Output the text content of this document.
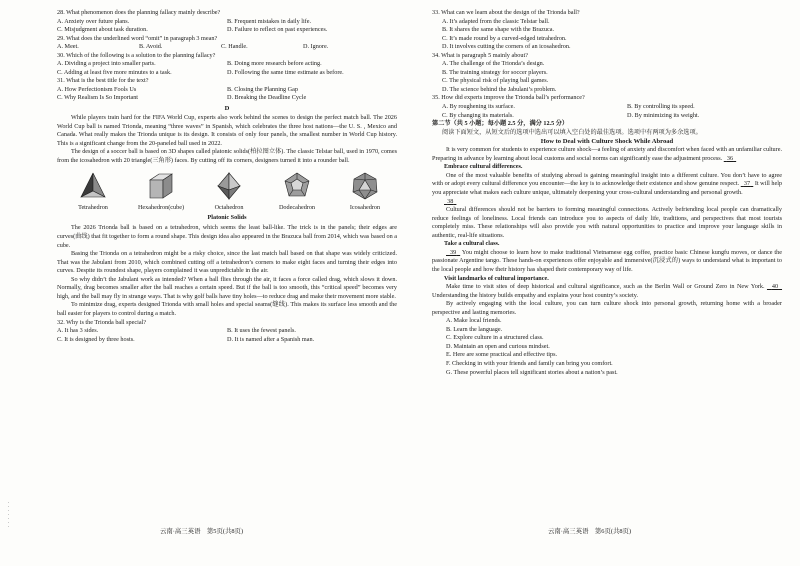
28. What phenomenon does the planning fallacy mainly describe?

A. Anxiety over future plans.	B. Frequent mistakes in daily life.
C. Misjudgment about task duration.	D. Failure to reflect on past experiences.

29. What does the underlined word “omit” in paragraph 3 mean?

A. Meet.	B. Avoid.	C. Handle.	D. Ignore.

30. Which of the following is a solution to the planning fallacy?

A. Dividing a project into smaller parts.	B. Doing more research before acting.
C. Adding at least five more minutes to a task.	D. Following the same time estimate as before.

31. What is the best title for the text?

A. How Perfectionism Fools Us	B. Closing the Planning Gap
C. Why Realism Is So Important	D. Breaking the Deadline Cycle
D

While players train hard for the FIFA World Cup, experts also work behind the scenes to design the perfect match ball. The 2026 World Cup ball is named Trionda, meaning “three waves” in Spanish, which celebrates the three host nations—the U. S. , Mexico and Canada. What really makes the Trionda unique is its design. It consists of only four panels, the smallest number in World Cup history. This is a significant change from the 20-paneled ball used in 2022.

The design of a soccer ball is based on 3D shapes called platonic solids(柏拉图立体). The classic Telstar ball, used in 1970, comes from the icosahedron with 20 triangle(三角形) faces. By cutting off its corners, designers turned it into a rounder ball.

Tetrahedron	Hexahedron(cube)	Octahedron	Dodecahedron	Icosahedron
Platonic Solids

The 2026 Trionda ball is based on a tetrahedron, which seems the least ball-like. The trick is in the panels; their edges are curves(曲线) that fit together to form a round shape. This design idea also appeared in the Brazuca ball from 2014, which was based on a cube.

Basing the Trionda on a tetrahedron might be a risky choice, since the last match ball based on that shape was widely criticized. That was the Jabulani from 2010, which combined cutting off a tetrahedron’s corners to make eight faces and turning their edges into curves. Despite its roundest shape, players complained it was unpredictable in the air.

So why didn’t the Jabulani work as intended? When a ball flies through the air, it faces a force called drag, which slows it down. Normally, drag becomes smaller after the ball reaches a certain speed. But if the ball is too smooth, this “critical speed” becomes very high, and the ball may fly in strange ways. That is why golf balls have tiny holes—to reduce drag and make their movement more stable.

To minimize drag, experts designed Trionda with small holes and special seams(缝线). This makes its surface less smooth and the ball easier for players to control during a match.

32. Why is the Trionda ball special?

A. It has 3 sides.	B. It uses the fewest panels.
C. It is designed by three hosts.	D. It is named after a Spanish man.

33. What can we learn about the design of the Trionda ball?

A. It’s adapted from the classic Telstar ball.

B. It shares the same shape with the Brazuca.

C. It’s made round by a curved-edged tetrahedron.

D. It involves cutting the corners of an icosahedron.

34. What is paragraph 5 mainly about?

A. The challenge of the Trionda’s design.

B. The training strategy for soccer players.

C. The physical risk of playing ball games.

D. The science behind the Jabulani’s problem.

35. How did experts improve the Trionda ball’s performance?

A. By roughening its surface.	B. By controlling its speed.
C. By changing its materials.	D. By minimizing its weight.

第二节（共 5 小题；每小题 2.5 分，满分 12.5 分）

阅读下面短文，从短文后的选项中选出可以填入空白处的最佳选项。选项中有两项为多余选项。

How to Deal with Culture Shock While Abroad

It is very common for students to experience culture shock—a feeling of anxiety and discomfort when faced with an unfamiliar culture. Preparing in advance by learning about local customs and social norms can significantly ease the adjustment process. 36

Embrace cultural differences.

One of the most valuable benefits of studying abroad is gaining meaningful insight into a different culture. You don’t have to agree with or adopt every cultural difference you encounter—the key is to acknowledge their existence and show genuine respect. 37 It will help you appreciate what makes each culture unique, ultimately deepening your cross-cultural understanding and personal growth.

38

Cultural differences should not be barriers to forming meaningful connections. Actively befriending local people can dramatically reduce feelings of loneliness. Local friends can introduce you to aspects of daily life, traditions, and perspectives that most tourists completely miss. These relationships will also provide you with natural opportunities to practice and improve your language skills in authentic, real-life situations.

Take a cultural class.

39 You might choose to learn how to make traditional Vietnamese egg coffee, practice basic Chinese kungfu moves, or dance the passionate Argentine tango. These hands-on experiences offer enjoyable and immersive(沉浸式的) ways to understand what is important to the local people and how their history has shaped their contemporary way of life.

Visit landmarks of cultural importance.

Make time to visit sites of deep historical and cultural significance, such as the Berlin Wall or Ground Zero in New York. 40   Understanding the history builds empathy and explains your host country’s society.

By actively engaging with the local culture, you can turn culture shock into personal growth, returning home with a broader perspective and lasting memories.

A. Make local friends.

B. Learn the language.

C. Explore culture in a structured class.

D. Maintain an open and curious mindset.

E. Here are some practical and effective tips.

F. Checking in with your friends and family can bring you comfort.

G. These powerful places tell significant stories about a nation’s past.

云南·高三英语　第5页(共8页)	云南·高三英语　第6页(共8页)
